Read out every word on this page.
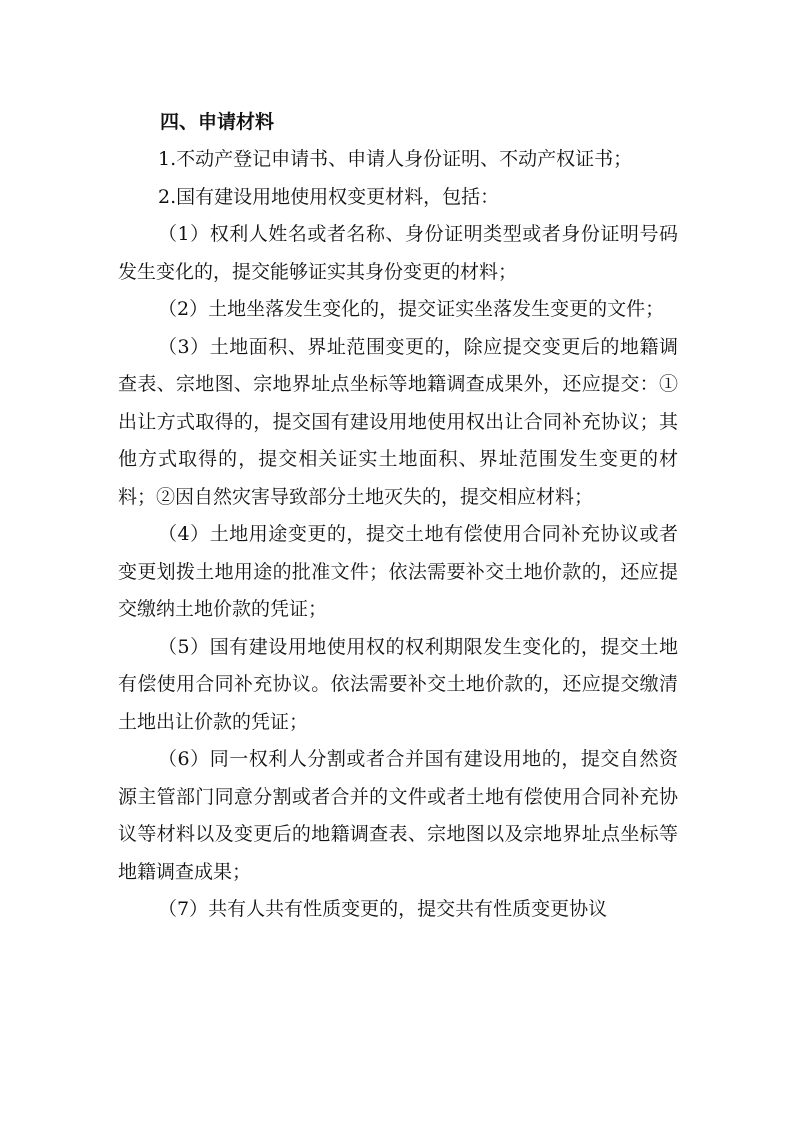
四、申请材料

1.不动产登记申请书、申请人身份证明、不动产权证书；

2.国有建设用地使用权变更材料，包括：

（1）权利人姓名或者名称、身份证明类型或者身份证明号码发生变化的，提交能够证实其身份变更的材料；

（2）土地坐落发生变化的，提交证实坐落发生变更的文件；

（3）土地面积、界址范围变更的，除应提交变更后的地籍调查表、宗地图、宗地界址点坐标等地籍调查成果外，还应提交：①出让方式取得的，提交国有建设用地使用权出让合同补充协议；其他方式取得的，提交相关证实土地面积、界址范围发生变更的材料；②因自然灾害导致部分土地灭失的，提交相应材料；

（4）土地用途变更的，提交土地有偿使用合同补充协议或者变更划拨土地用途的批准文件；依法需要补交土地价款的，还应提交缴纳土地价款的凭证；

（5）国有建设用地使用权的权利期限发生变化的，提交土地有偿使用合同补充协议。依法需要补交土地价款的，还应提交缴清土地出让价款的凭证；

（6）同一权利人分割或者合并国有建设用地的，提交自然资源主管部门同意分割或者合并的文件或者土地有偿使用合同补充协议等材料以及变更后的地籍调查表、宗地图以及宗地界址点坐标等地籍调查成果；

（7）共有人共有性质变更的，提交共有性质变更协议
